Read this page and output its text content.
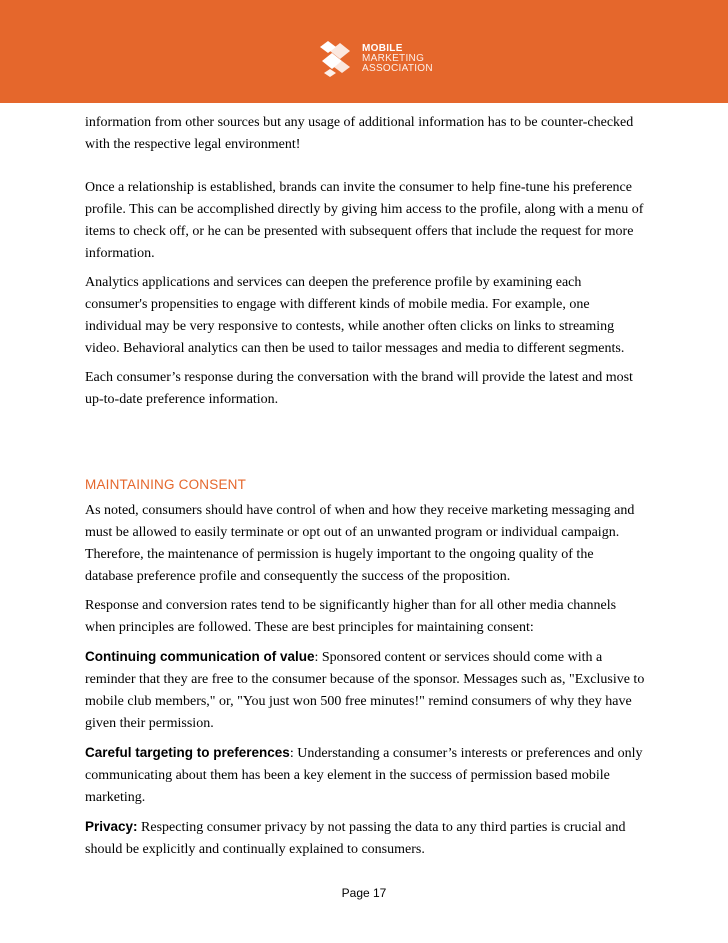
MOBILE
MARKETING
ASSOCIATION

information from other sources but any usage of additional information has to be counter-checked with the respective legal environment!

Once a relationship is established, brands can invite the consumer to help fine-tune his preference profile. This can be accomplished directly by giving him access to the profile, along with a menu of items to check off, or he can be presented with subsequent offers that include the request for more information.

Analytics applications and services can deepen the preference profile by examining each consumer's propensities to engage with different kinds of mobile media. For example, one individual may be very responsive to contests, while another often clicks on links to streaming video. Behavioral analytics can then be used to tailor messages and media to different segments.

Each consumer’s response during the conversation with the brand will provide the latest and most up-to-date preference information.

MAINTAINING CONSENT

As noted, consumers should have control of when and how they receive marketing messaging and must be allowed to easily terminate or opt out of an unwanted program or individual campaign. Therefore, the maintenance of permission is hugely important to the ongoing quality of the database preference profile and consequently the success of the proposition.

Response and conversion rates tend to be significantly higher than for all other media channels when principles are followed. These are best principles for maintaining consent:

Continuing communication of value: Sponsored content or services should come with a reminder that they are free to the consumer because of the sponsor. Messages such as, "Exclusive to mobile club members," or, "You just won 500 free minutes!" remind consumers of why they have given their permission.

Careful targeting to preferences: Understanding a consumer’s interests or preferences and only communicating about them has been a key element in the success of permission based mobile marketing.

Privacy: Respecting consumer privacy by not passing the data to any third parties is crucial and should be explicitly and continually explained to consumers.

Page 17
